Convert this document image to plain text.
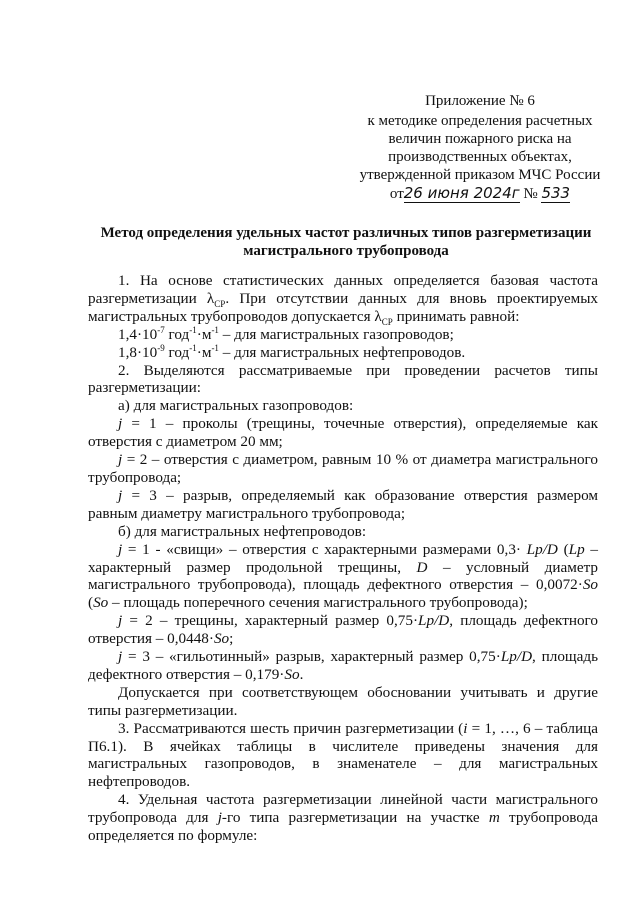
Приложение № 6
к методике определения расчетных
величин пожарного риска на
производственных объектах,
утвержденной приказом МЧС России
от26 июня 2024г № 533
Метод определения удельных частот различных типов разгерметизации
магистрального трубопровода

1. На основе статистических данных определяется базовая частота разгерметизации $\lambda_{СР}$. При отсутствии данных для вновь проектируемых магистральных трубопроводов допускается $\lambda_{СР}$ принимать равной:

$1,4\cdot 10^{-7}$ $год^{-1}\cdot м^{-1}$ – для магистральных газопроводов;

$1,8\cdot 10^{-9}$ $год^{-1}\cdot м^{-1}$ – для магистральных нефтепроводов.

2. Выделяются рассматриваемые при проведении расчетов типы разгерметизации:

а) для магистральных газопроводов:

j = 1 – проколы (трещины, точечные отверстия), определяемые как отверстия с диаметром 20 мм;

j = 2 – отверстия с диаметром, равным 10 % от диаметра магистрального трубопровода;

j = 3 – разрыв, определяемый как образование отверстия размером равным диаметру магистрального трубопровода;

б) для магистральных нефтепроводов:

j = 1 - «свищи» – отверстия с характерными размерами 0,3· Lp/D (Lp – характерный размер продольной трещины, D – условный диаметр магистрального трубопровода), площадь дефектного отверстия – 0,0072·So (So – площадь поперечного сечения магистрального трубопровода);

j = 2 – трещины, характерный размер 0,75·Lp/D, площадь дефектного отверстия – 0,0448·So;

j = 3 – «гильотинный» разрыв, характерный размер 0,75·Lp/D, площадь дефектного отверстия – 0,179·So.

Допускается при соответствующем обосновании учитывать и другие типы разгерметизации.

3. Рассматриваются шесть причин разгерметизации (i = 1, …, 6 – таблица П6.1). В ячейках таблицы в числителе приведены значения для магистральных газопроводов, в знаменателе – для магистральных нефтепроводов.

4. Удельная частота разгерметизации линейной части магистрального трубопровода для j-го типа разгерметизации на участке m трубопровода определяется по формуле:
